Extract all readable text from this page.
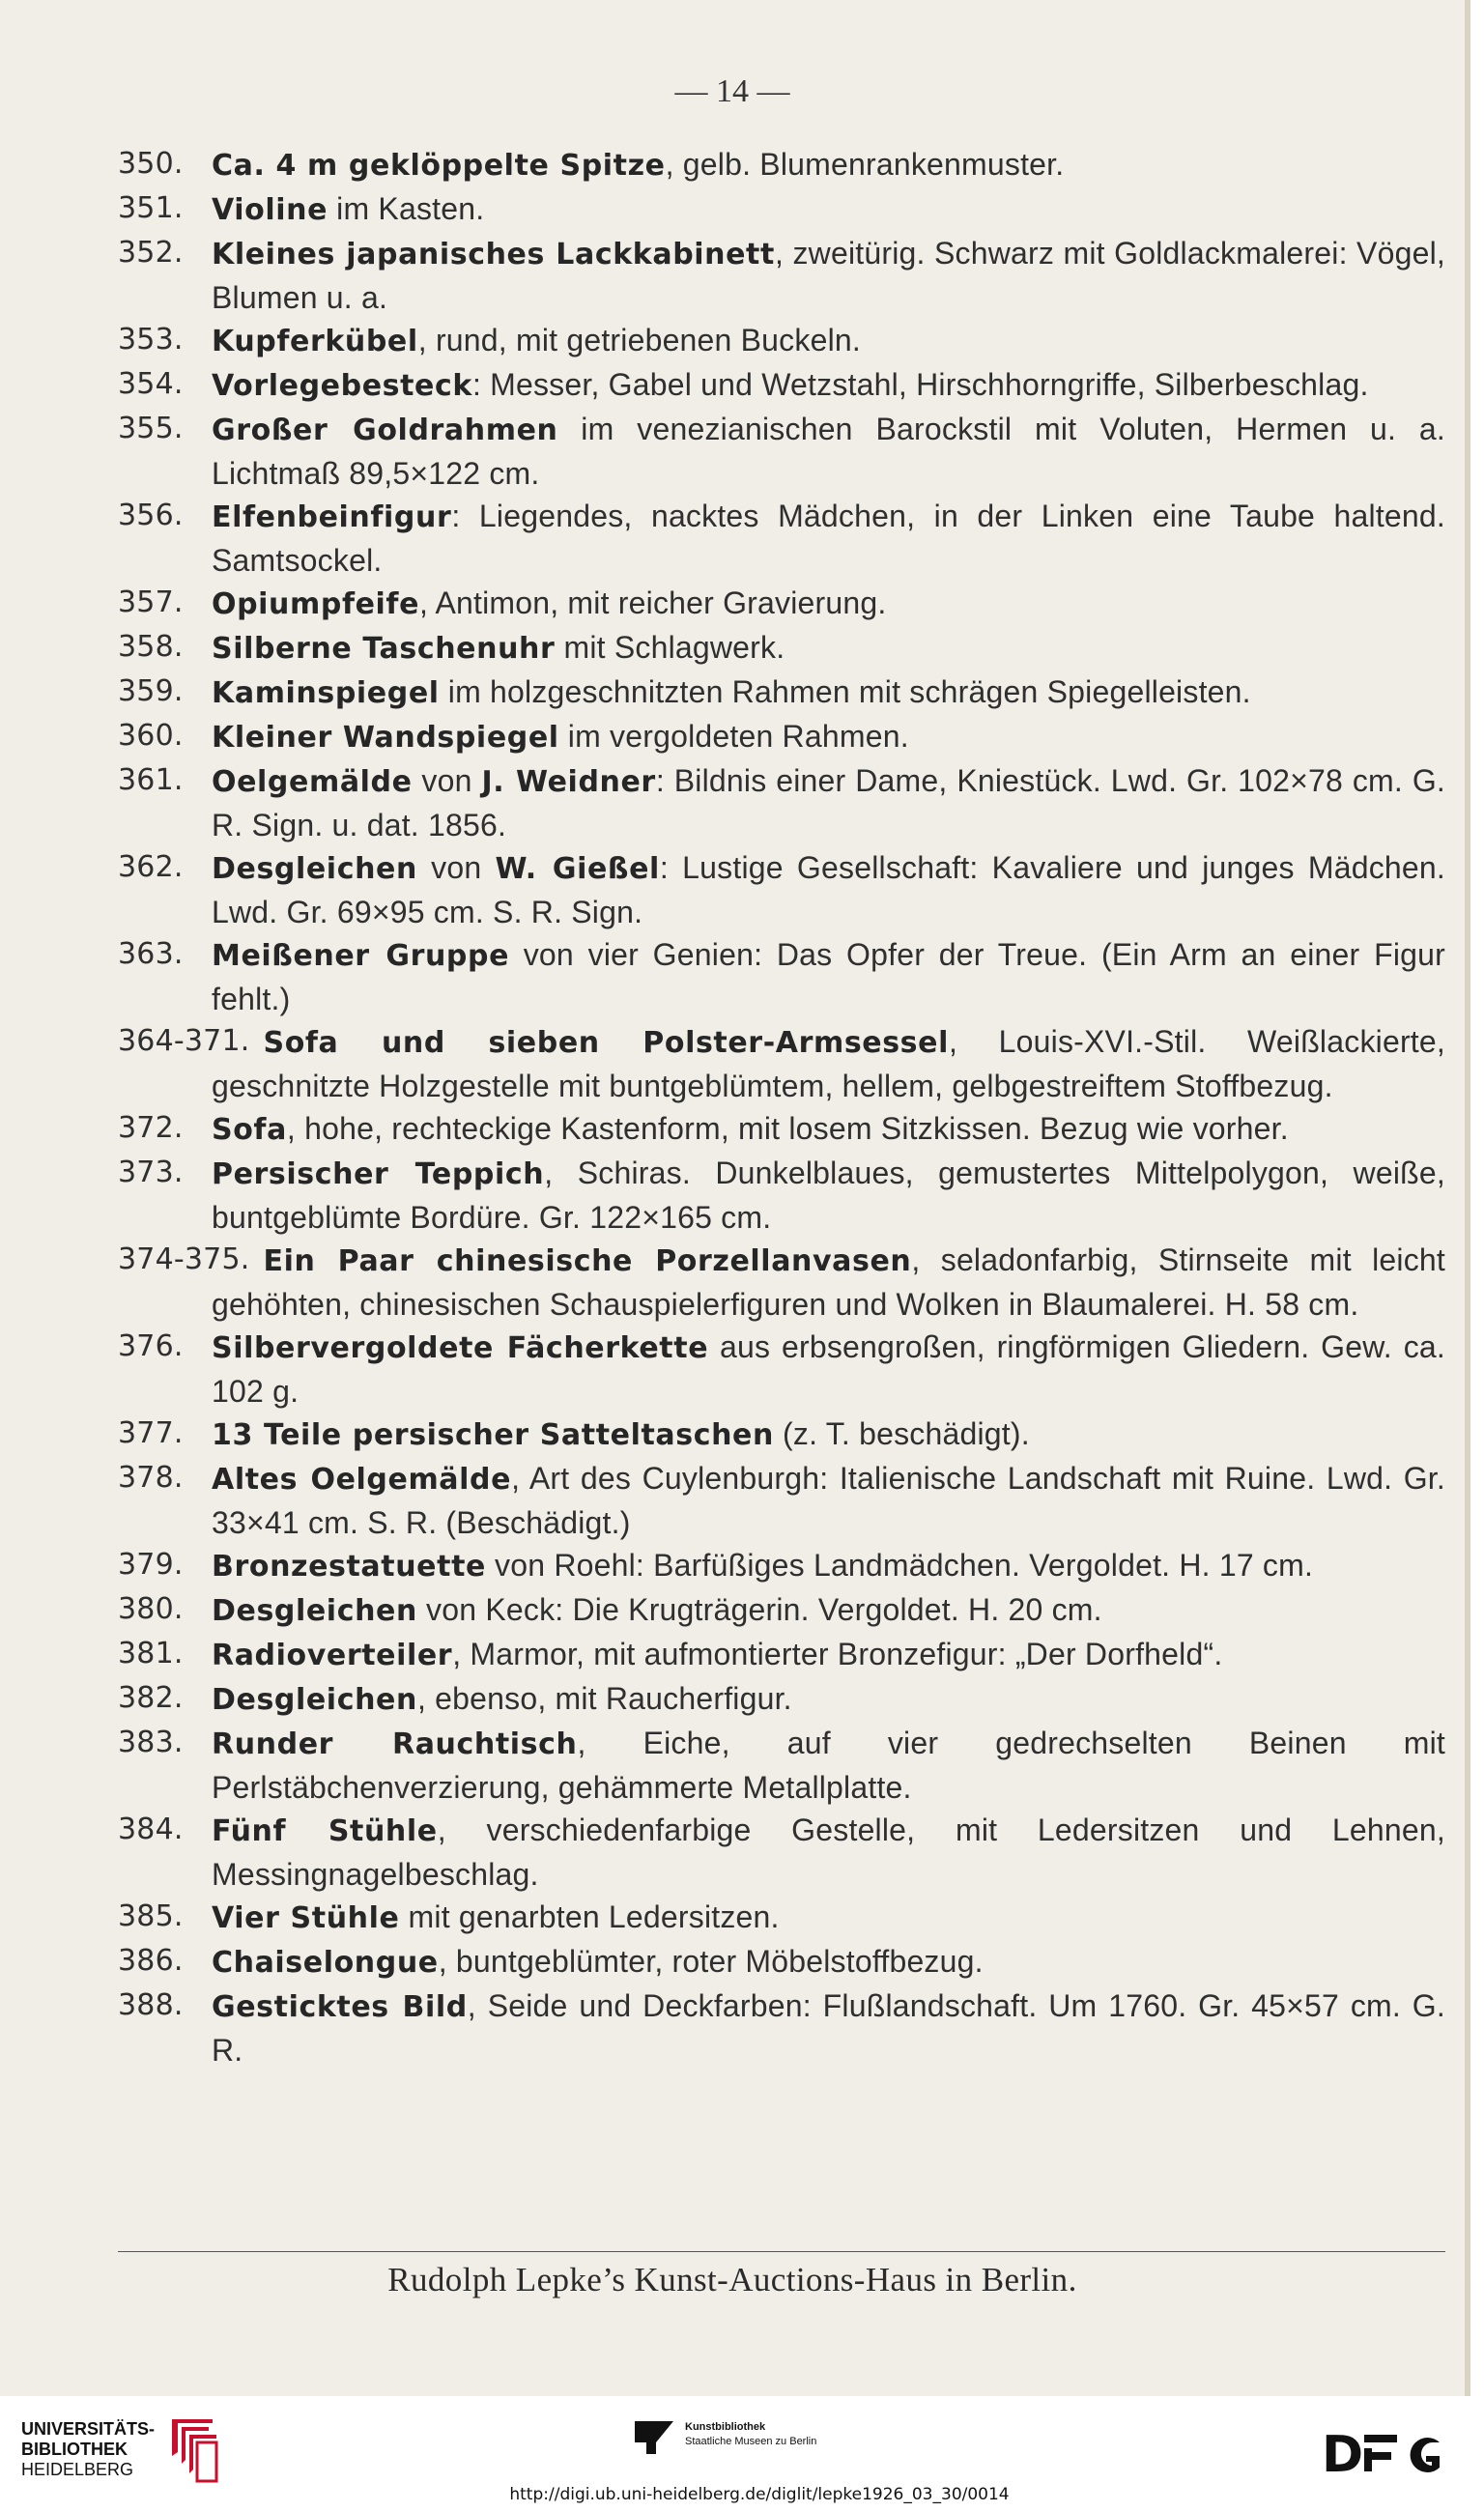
— 14 —
350. Ca. 4 m geklöppelte Spitze, gelb. Blumenrankenmuster.
351. Violine im Kasten.
352. Kleines japanisches Lackkabinett, zweitürig. Schwarz mit Goldlackmalerei: Vögel, Blumen u. a.
353. Kupferkübel, rund, mit getriebenen Buckeln.
354. Vorlegebesteck: Messer, Gabel und Wetzstahl, Hirschhorngriffe, Silberbeschlag.
355. Großer Goldrahmen im venezianischen Barockstil mit Voluten, Hermen u. a. Lichtmaß 89,5×122 cm.
356. Elfenbeinfigur: Liegendes, nacktes Mädchen, in der Linken eine Taube haltend. Samtsockel.
357. Opiumpfeife, Antimon, mit reicher Gravierung.
358. Silberne Taschenuhr mit Schlagwerk.
359. Kaminspiegel im holzgeschnitzten Rahmen mit schrägen Spiegelleisten.
360. Kleiner Wandspiegel im vergoldeten Rahmen.
361. Oelgemälde von J. Weidner: Bildnis einer Dame, Kniestück. Lwd. Gr. 102×78 cm. G. R. Sign. u. dat. 1856.
362. Desgleichen von W. Gießel: Lustige Gesellschaft: Kavaliere und junges Mädchen. Lwd. Gr. 69×95 cm. S. R. Sign.
363. Meißener Gruppe von vier Genien: Das Opfer der Treue. (Ein Arm an einer Figur fehlt.)
364-371. Sofa und sieben Polster-Armsessel, Louis-XVI.-Stil. Weißlackierte, geschnitzte Holzgestelle mit buntgeblümtem, hellem, gelbgestreiftem Stoffbezug.
372. Sofa, hohe, rechteckige Kastenform, mit losem Sitzkissen. Bezug wie vorher.
373. Persischer Teppich, Schiras. Dunkelblaues, gemustertes Mittelpolygon, weiße, buntgeblümte Bordüre. Gr. 122×165 cm.
374-375. Ein Paar chinesische Porzellanvasen, seladonfarbig, Stirnseite mit leicht gehöhten, chinesischen Schauspielerfiguren und Wolken in Blaumalerei. H. 58 cm.
376. Silbervergoldete Fächerkette aus erbsengroßen, ringförmigen Gliedern. Gew. ca. 102 g.
377. 13 Teile persischer Satteltaschen (z. T. beschädigt).
378. Altes Oelgemälde, Art des Cuylenburgh: Italienische Landschaft mit Ruine. Lwd. Gr. 33×41 cm. S. R. (Beschädigt.)
379. Bronzestatuette von Roehl: Barfüßiges Landmädchen. Vergoldet. H. 17 cm.
380. Desgleichen von Keck: Die Krugträgerin. Vergoldet. H. 20 cm.
381. Radioverteiler, Marmor, mit aufmontierter Bronzefigur: „Der Dorfheld“.
382. Desgleichen, ebenso, mit Raucherfigur.
383. Runder Rauchtisch, Eiche, auf vier gedrechselten Beinen mit Perlstäbchenverzierung, gehämmerte Metallplatte.
384. Fünf Stühle, verschiedenfarbige Gestelle, mit Ledersitzen und Lehnen, Messingnagelbeschlag.
385. Vier Stühle mit genarbten Ledersitzen.
386. Chaiselongue, buntgeblümter, roter Möbelstoffbezug.
388. Gesticktes Bild, Seide und Deckfarben: Flußlandschaft. Um 1760. Gr. 45×57 cm. G. R.
Rudolph Lepke’s Kunst-Auctions-Haus in Berlin.
UNIVERSITÄTS-
BIBLIOTHEK
HEIDELBERG
Kunstbibliothek
Staatliche Museen zu Berlin	D
http://digi.ub.uni-heidelberg.de/diglit/lepke1926_03_30/0014
